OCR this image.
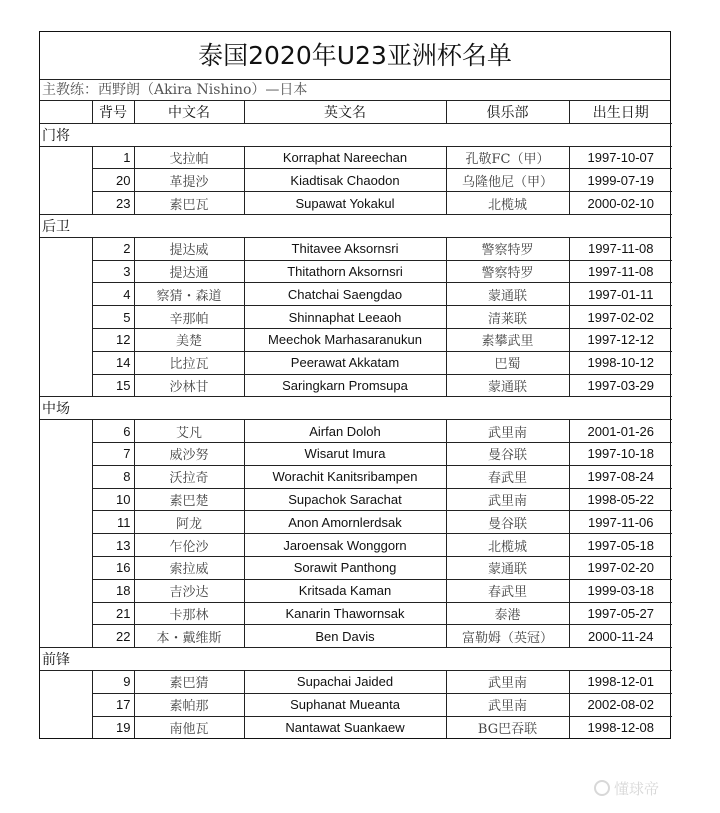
泰国2020年U23亚洲杯名单
主教练：西野朗（Akira Nishino）—日本
	背号	中文名	英文名	俱乐部	出生日期
门将					
	1	戈拉帕	Korraphat Nareechan	孔敬FC（甲）	1997-10-07
	20	革提沙	Kiadtisak Chaodon	乌隆他尼（甲）	1999-07-19
	23	素巴瓦	Supawat Yokakul	北榄城	2000-02-10
后卫					
	2	提达威	Thitavee Aksornsri	警察特罗	1997-11-08
	3	提达通	Thitathorn Aksornsri	警察特罗	1997-11-08
	4	察猜・森道	Chatchai Saengdao	蒙通联	1997-01-11
	5	辛那帕	Shinnaphat Leeaoh	清莱联	1997-02-02
	12	美楚	Meechok Marhasaranukun	素攀武里	1997-12-12
	14	比拉瓦	Peerawat Akkatam	巴蜀	1998-10-12
	15	沙林甘	Saringkarn Promsupa	蒙通联	1997-03-29
中场					
	6	艾凡	Airfan Doloh	武里南	2001-01-26
	7	威沙努	Wisarut Imura	曼谷联	1997-10-18
	8	沃拉奇	Worachit Kanitsribampen	春武里	1997-08-24
	10	素巴楚	Supachok Sarachat	武里南	1998-05-22
	11	阿龙	Anon Amornlerdsak	曼谷联	1997-11-06
	13	乍伦沙	Jaroensak Wonggorn	北榄城	1997-05-18
	16	索拉威	Sorawit Panthong	蒙通联	1997-02-20
	18	吉沙达	Kritsada Kaman	春武里	1999-03-18
	21	卡那林	Kanarin Thawornsak	泰港	1997-05-27
	22	本・戴维斯	Ben Davis	富勒姆（英冠）	2000-11-24
前锋					
	9	素巴猜	Supachai Jaided	武里南	1998-12-01
	17	素帕那	Suphanat Mueanta	武里南	2002-08-02
	19	南他瓦	Nantawat Suankaew	BG巴吞联	1998-12-08
懂球帝
